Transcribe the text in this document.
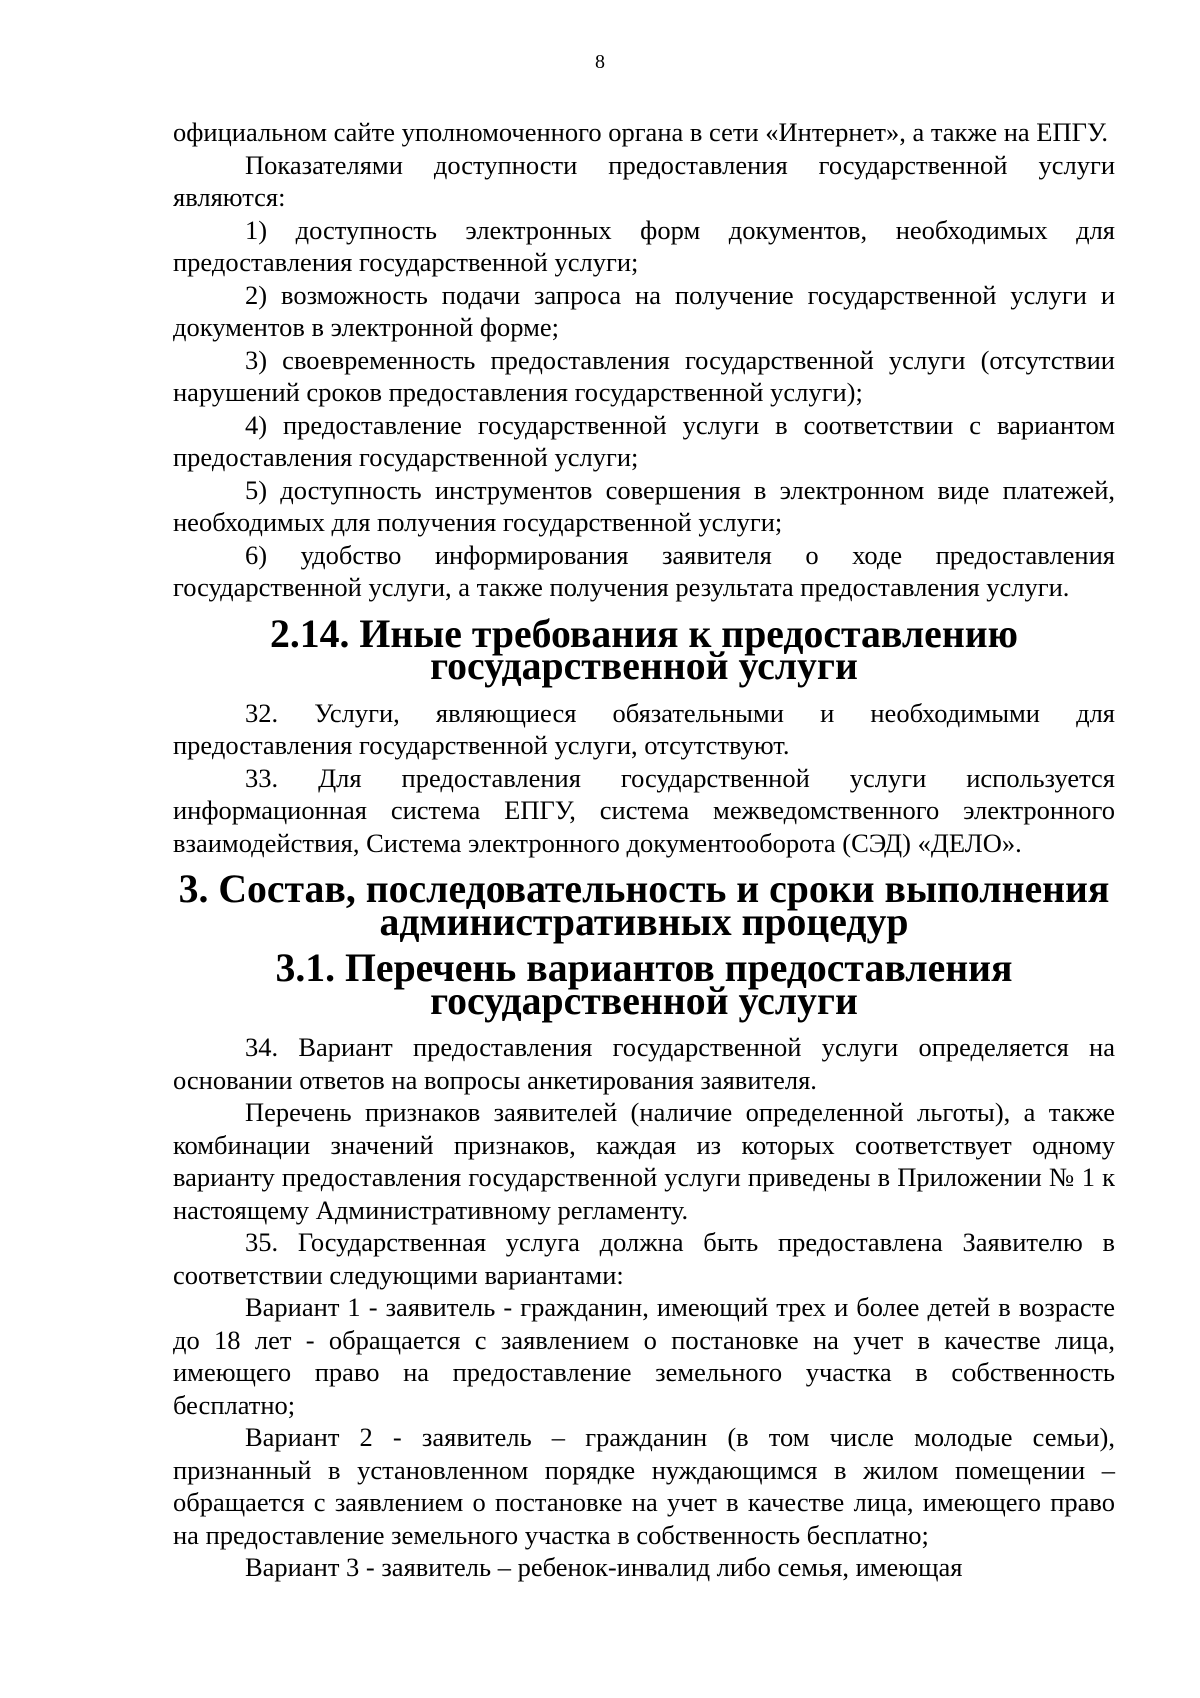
8

официальном сайте уполномоченного органа в сети «Интернет», а также на ЕПГУ.

Показателями доступности предоставления государственной услуги являются:

1) доступность электронных форм документов, необходимых для предоставления государственной услуги;

2) возможность подачи запроса на получение государственной услуги и документов в электронной форме;

3) своевременность предоставления государственной услуги (отсутствии нарушений сроков предоставления государственной услуги);

4) предоставление государственной услуги в соответствии с вариантом предоставления государственной услуги;

5) доступность инструментов совершения в электронном виде платежей, необходимых для получения государственной услуги;

6) удобство информирования заявителя о ходе предоставления государственной услуги, а также получения результата предоставления услуги.

2.14. Иные требования к предоставлению государственной услуги

32. Услуги, являющиеся обязательными и необходимыми для предоставления государственной услуги, отсутствуют.

33. Для предоставления государственной услуги используется информационная система ЕПГУ, система межведомственного электронного взаимодействия, Система электронного документооборота (СЭД) «ДЕЛО».

3. Состав, последовательность и сроки выполнения административных процедур
3.1. Перечень вариантов предоставления государственной услуги

34. Вариант предоставления государственной услуги определяется на основании ответов на вопросы анкетирования заявителя.

Перечень признаков заявителей (наличие определенной льготы), а также комбинации значений признаков, каждая из которых соответствует одному варианту предоставления государственной услуги приведены в Приложении № 1 к настоящему Административному регламенту.

35. Государственная услуга должна быть предоставлена Заявителю в соответствии следующими вариантами:

Вариант 1 - заявитель - гражданин, имеющий трех и более детей в возрасте до 18 лет - обращается с заявлением о постановке на учет в качестве лица, имеющего право на предоставление земельного участка в собственность бесплатно;

Вариант 2 - заявитель – гражданин (в том числе молодые семьи), признанный в установленном порядке нуждающимся в жилом помещении – обращается с заявлением о постановке на учет в качестве лица, имеющего право на предоставление земельного участка в собственность бесплатно;

Вариант 3 - заявитель – ребенок-инвалид либо семья, имеющая
